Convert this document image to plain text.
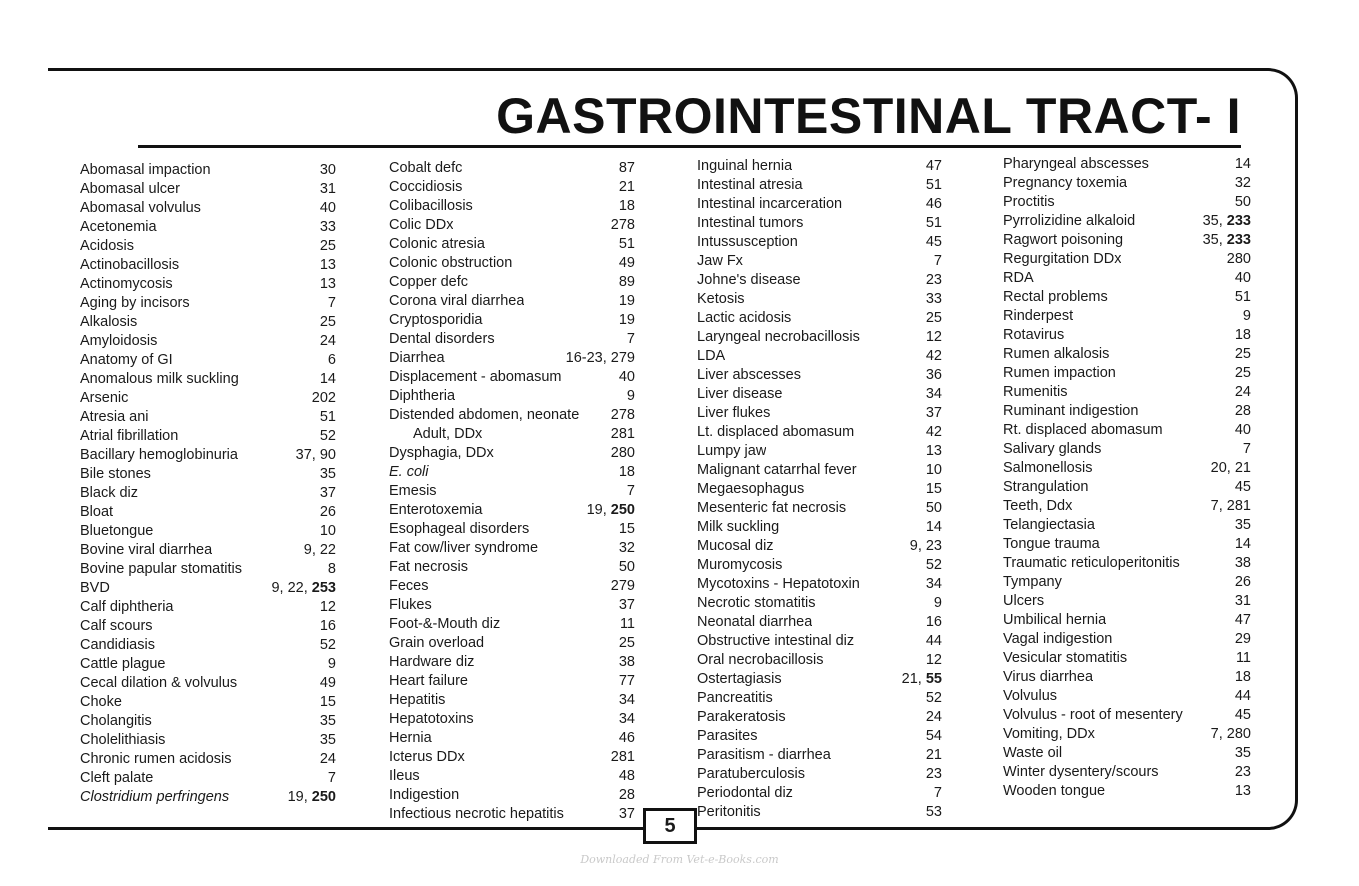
GASTROINTESTINAL TRACT- I
Abomasal impaction	30
Abomasal ulcer	31
Abomasal volvulus	40
Acetonemia	33
Acidosis	25
Actinobacillosis	13
Actinomycosis	13
Aging by incisors	7
Alkalosis	25
Amyloidosis	24
Anatomy of GI	6
Anomalous milk suckling	14
Arsenic	202
Atresia ani	51
Atrial fibrillation	52
Bacillary hemoglobinuria	37, 90
Bile stones	35
Black diz	37
Bloat	26
Bluetongue	10
Bovine viral diarrhea	9, 22
Bovine papular stomatitis	8
BVD	9, 22, 253
Calf diphtheria	12
Calf scours	16
Candidiasis	52
Cattle plague	9
Cecal dilation & volvulus	49
Choke	15
Cholangitis	35
Cholelithiasis	35
Chronic rumen acidosis	24
Cleft palate	7
Clostridium perfringens	19, 250
Cobalt defc	87
Coccidiosis	21
Colibacillosis	18
Colic DDx	278
Colonic atresia	51
Colonic obstruction	49
Copper defc	89
Corona viral diarrhea	19
Cryptosporidia	19
Dental disorders	7
Diarrhea	16-23, 279
Displacement - abomasum	40
Diphtheria	9
Distended abdomen, neonate	278
Adult, DDx	281
Dysphagia, DDx	280
E. coli	18
Emesis	7
Enterotoxemia	19, 250
Esophageal disorders	15
Fat cow/liver syndrome	32
Fat necrosis	50
Feces	279
Flukes	37
Foot-&-Mouth diz	11
Grain overload	25
Hardware diz	38
Heart failure	77
Hepatitis	34
Hepatotoxins	34
Hernia	46
Icterus DDx	281
Ileus	48
Indigestion	28
Infectious necrotic hepatitis	37
Inguinal hernia	47
Intestinal atresia	51
Intestinal incarceration	46
Intestinal tumors	51
Intussusception	45
Jaw Fx	7
Johne's disease	23
Ketosis	33
Lactic acidosis	25
Laryngeal necrobacillosis	12
LDA	42
Liver abscesses	36
Liver disease	34
Liver flukes	37
Lt. displaced abomasum	42
Lumpy jaw	13
Malignant catarrhal fever	10
Megaesophagus	15
Mesenteric fat necrosis	50
Milk suckling	14
Mucosal diz	9, 23
Muromycosis	52
Mycotoxins - Hepatotoxin	34
Necrotic stomatitis	9
Neonatal diarrhea	16
Obstructive intestinal diz	44
Oral necrobacillosis	12
Ostertagiasis	21, 55
Pancreatitis	52
Parakeratosis	24
Parasites	54
Parasitism - diarrhea	21
Paratuberculosis	23
Periodontal diz	7
Peritonitis	53
Pharyngeal abscesses	14
Pregnancy toxemia	32
Proctitis	50
Pyrrolizidine alkaloid	35, 233
Ragwort poisoning	35, 233
Regurgitation DDx	280
RDA	40
Rectal problems	51
Rinderpest	9
Rotavirus	18
Rumen alkalosis	25
Rumen impaction	25
Rumenitis	24
Ruminant indigestion	28
Rt. displaced abomasum	40
Salivary glands	7
Salmonellosis	20, 21
Strangulation	45
Teeth, Ddx	7, 281
Telangiectasia	35
Tongue trauma	14
Traumatic reticuloperitonitis	38
Tympany	26
Ulcers	31
Umbilical hernia	47
Vagal indigestion	29
Vesicular stomatitis	11
Virus diarrhea	18
Volvulus	44
Volvulus - root of mesentery	45
Vomiting, DDx	7, 280
Waste oil	35
Winter dysentery/scours	23
Wooden tongue	13
5
Downloaded From Vet-e-Books.com
